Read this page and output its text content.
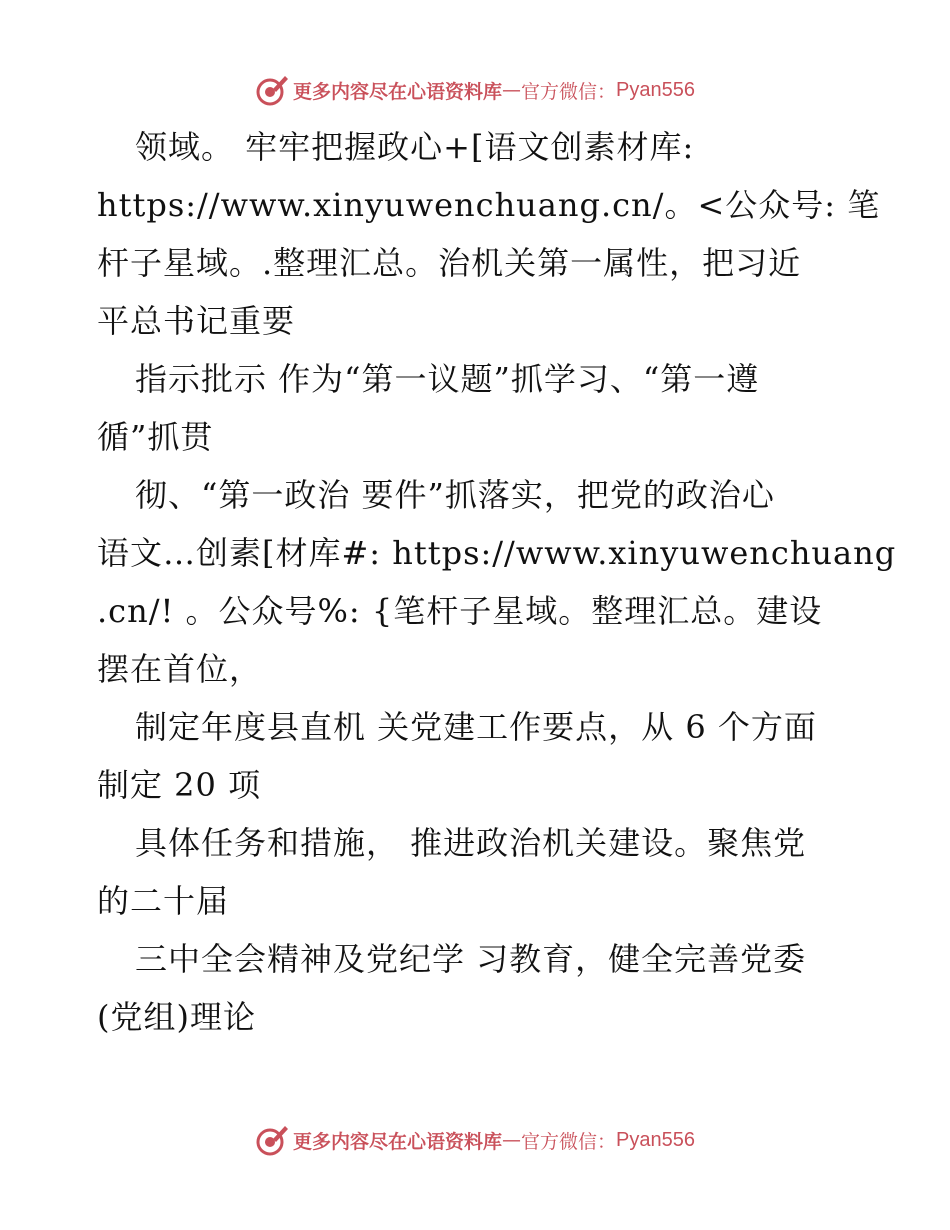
更多内容尽在心语资料库 — 官方微信： Pyan556
领域。 牢牢把握政心+[语文创素材库:
https://www.xinyuwenchuang.cn/。<公众号: 笔
杆子星域。.整理汇总。治机关第一属性，把习近
平总书记重要
指示批示 作为“第一议题”抓学习、“第一遵
循”抓贯
彻、“第一政治 要件”抓落实，把党的政治心
语文…创素[材库#: https://www.xinyuwenchuang
.cn/! 。公众号%: {笔杆子星域。整理汇总。建设
摆在首位，
制定年度县直机 关党建工作要点，从 6 个方面
制定 20 项
具体任务和措施， 推进政治机关建设。聚焦党
的二十届
三中全会精神及党纪学 习教育，健全完善党委
(党组)理论
更多内容尽在心语资料库 — 官方微信： Pyan556
